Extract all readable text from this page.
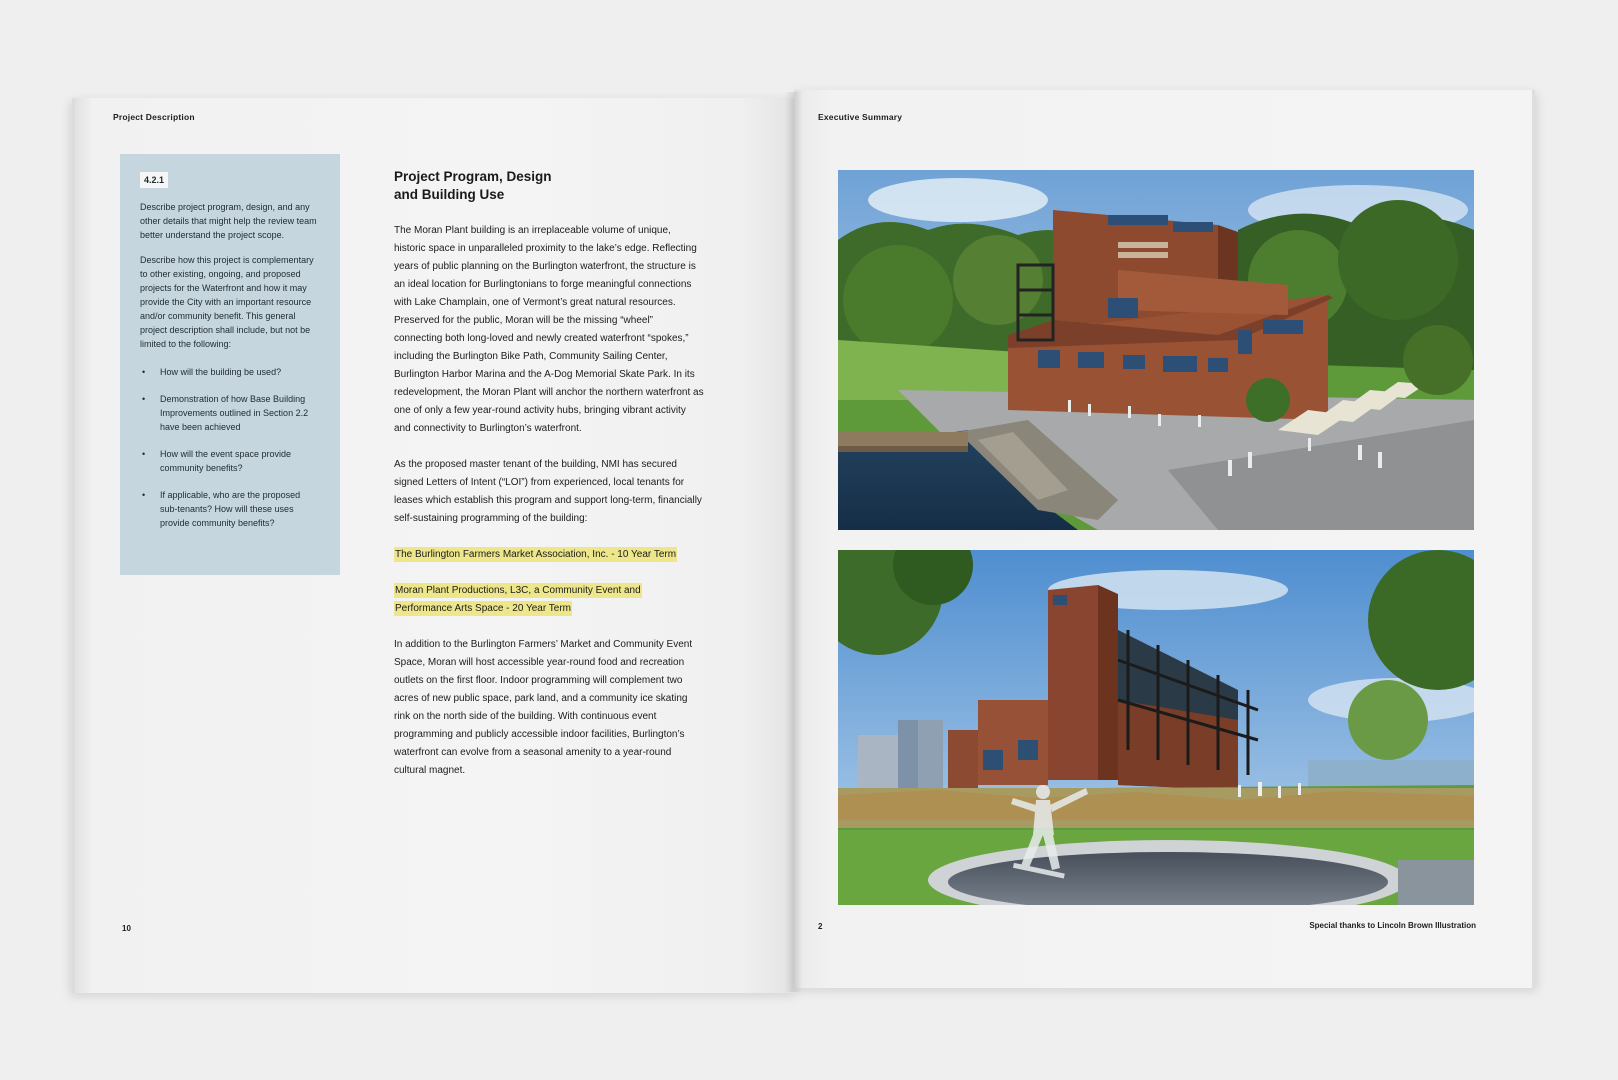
Project Description
4.2.1

Describe project program, design, and any other details that might help the review team better understand the project scope.

Describe how this project is complementary to other existing, ongoing, and proposed projects for the Waterfront and how it may provide the City with an important resource and/or community benefit. This general project description shall include, but not be limited to the following:

• How will the building be used?
• Demonstration of how Base Building Improvements outlined in Section 2.2 have been achieved
• How will the event space provide community benefits?
• If applicable, who are the proposed sub-tenants? How will these uses provide community benefits?
Project Program, Design
and Building Use

The Moran Plant building is an irreplaceable volume of unique, historic space in unparalleled proximity to the lake’s edge. Reflecting years of public planning on the Burlington waterfront, the structure is an ideal location for Burlingtonians to forge meaningful connections with Lake Champlain, one of Vermont’s great natural resources. Preserved for the public, Moran will be the missing “wheel” connecting both long-loved and newly created waterfront “spokes,” including the Burlington Bike Path, Community Sailing Center, Burlington Harbor Marina and the A-Dog Memorial Skate Park. In its redevelopment, the Moran Plant will anchor the northern waterfront as one of only a few year-round activity hubs, bringing vibrant activity and connectivity to Burlington’s waterfront.

As the proposed master tenant of the building, NMI has secured signed Letters of Intent (“LOI”) from experienced, local tenants for leases which establish this program and support long-term, financially self-sustaining programming of the building:

The Burlington Farmers Market Association, Inc. - 10 Year Term
Moran Plant Productions, L3C, a Community Event and Performance Arts Space - 20 Year Term

In addition to the Burlington Farmers’ Market and Community Event Space, Moran will host accessible year-round food and recreation outlets on the first floor. Indoor programming will complement two acres of new public space, park land, and a community ice skating rink on the north side of the building. With continuous event programming and publicly accessible indoor facilities, Burlington’s waterfront can evolve from a seasonal amenity to a year-round cultural magnet.

10
Executive Summary
2	Special thanks to Lincoln Brown Illustration
